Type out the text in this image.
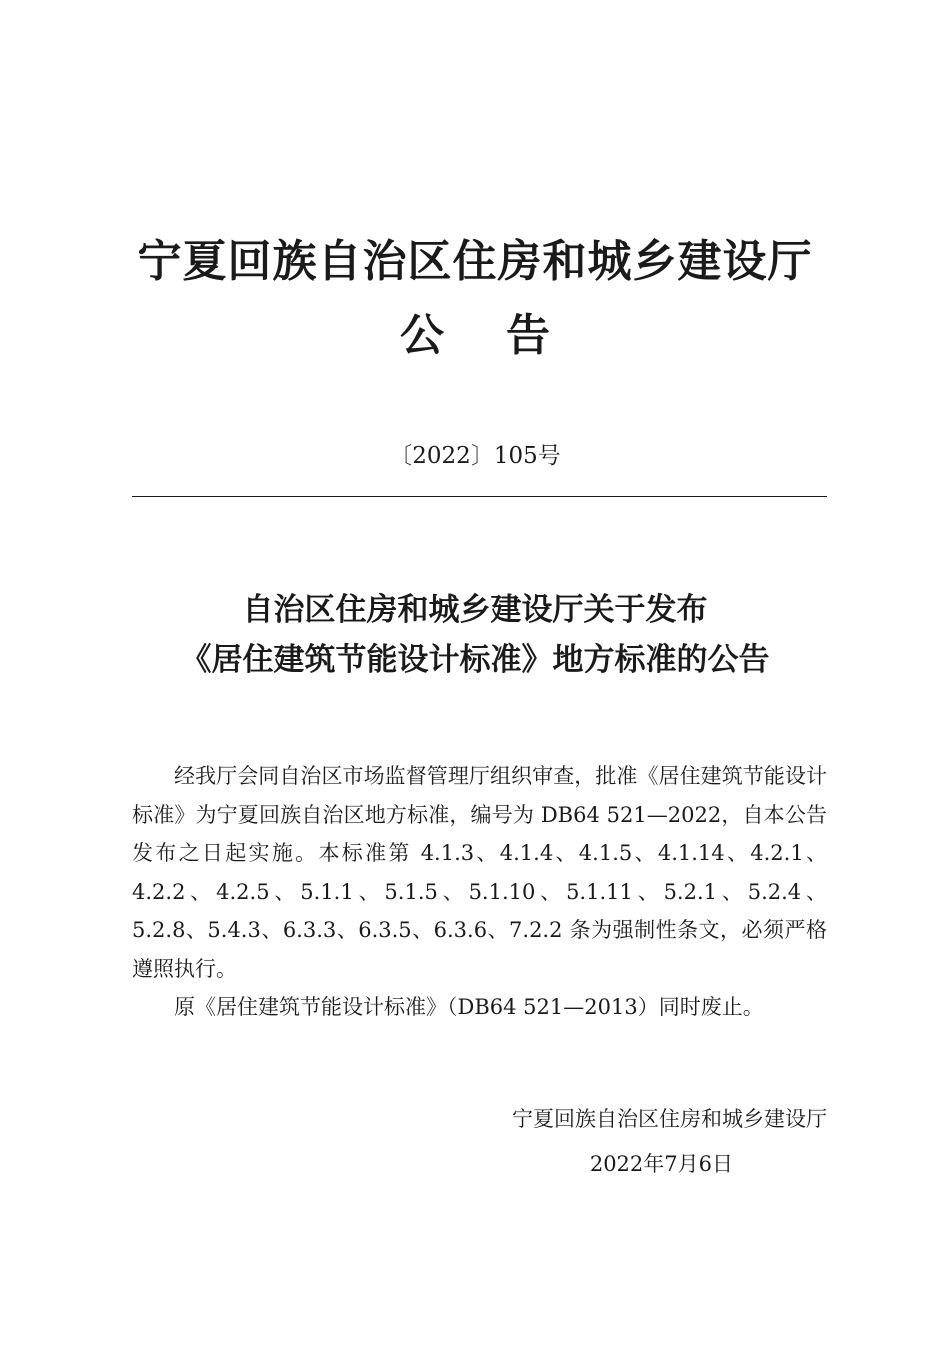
宁夏回族自治区住房和城乡建设厅
公告
〔2022〕105号
自治区住房和城乡建设厅关于发布
《居住建筑节能设计标准》地方标准的公告

经我厅会同自治区市场监督管理厅组织审查，批准《居住建筑节能设计标准》为宁夏回族自治区地方标准，编号为 DB64 521—2022，自本公告发布之日起实施。本标准第 4.1.3、4.1.4、4.1.5、4.1.14、4.2.1、4.2.2、4.2.5、5.1.1、5.1.5、5.1.10、5.1.11、5.2.1、5.2.4、5.2.8、5.4.3、6.3.3、6.3.5、6.3.6、7.2.2 条为强制性条文，必须严格遵照执行。

原《居住建筑节能设计标准》（DB64 521—2013）同时废止。

宁夏回族自治区住房和城乡建设厅
2022年7月6日
